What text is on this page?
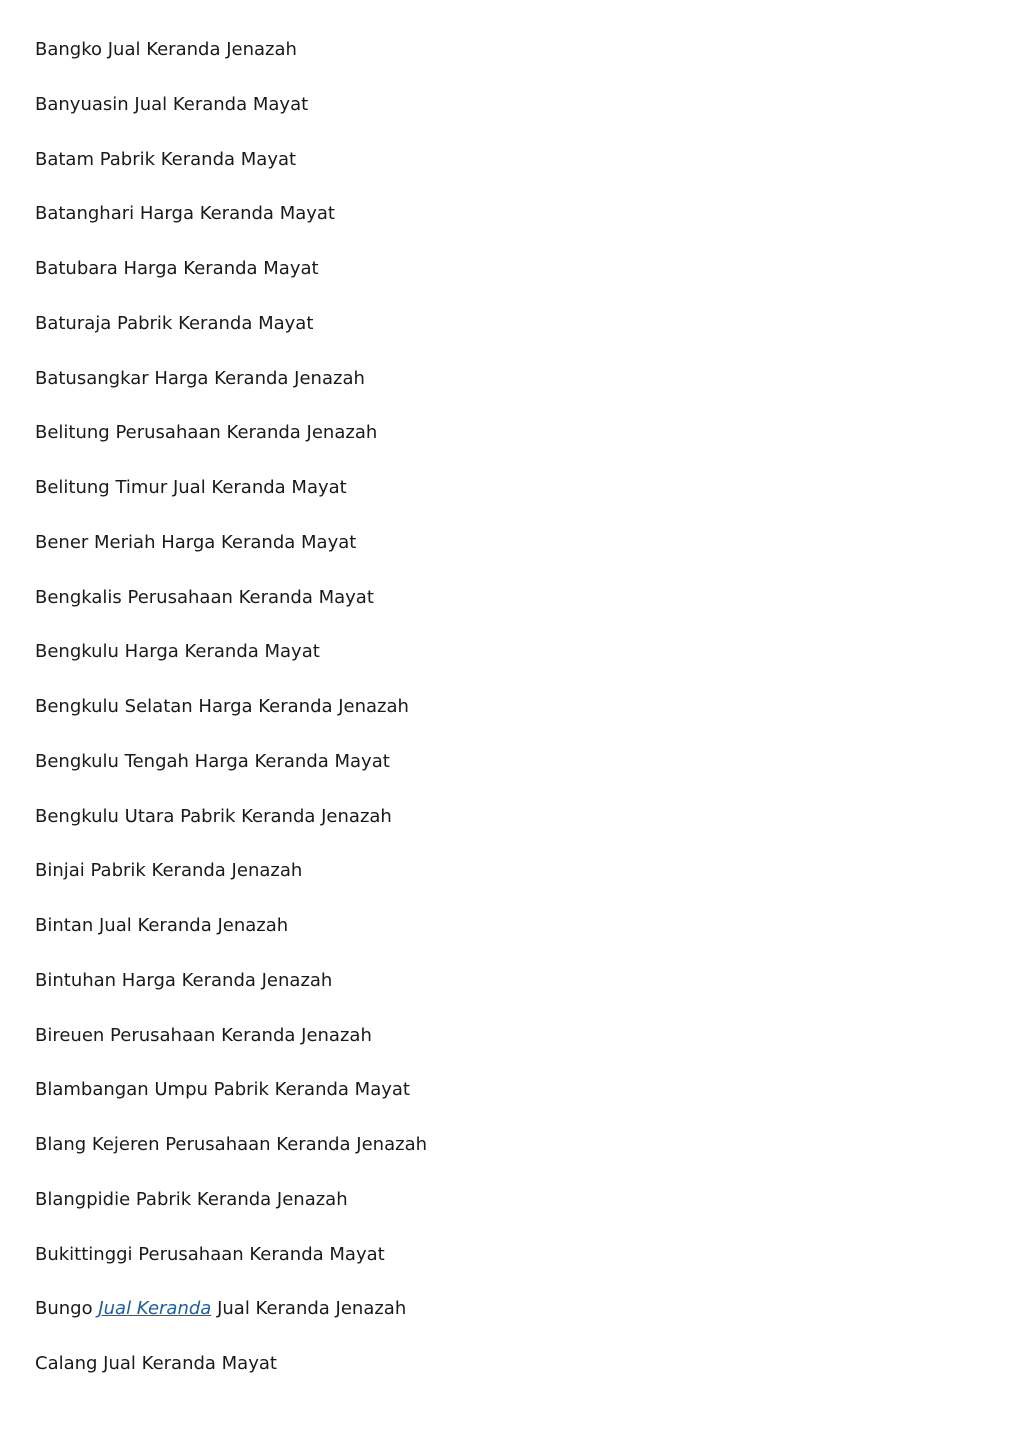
Bangko Jual Keranda Jenazah
Banyuasin Jual Keranda Mayat
Batam Pabrik Keranda Mayat
Batanghari Harga Keranda Mayat
Batubara Harga Keranda Mayat
Baturaja Pabrik Keranda Mayat
Batusangkar Harga Keranda Jenazah
Belitung Perusahaan Keranda Jenazah
Belitung Timur Jual Keranda Mayat
Bener Meriah Harga Keranda Mayat
Bengkalis Perusahaan Keranda Mayat
Bengkulu Harga Keranda Mayat
Bengkulu Selatan Harga Keranda Jenazah
Bengkulu Tengah Harga Keranda Mayat
Bengkulu Utara Pabrik Keranda Jenazah
Binjai Pabrik Keranda Jenazah
Bintan Jual Keranda Jenazah
Bintuhan Harga Keranda Jenazah
Bireuen Perusahaan Keranda Jenazah
Blambangan Umpu Pabrik Keranda Mayat
Blang Kejeren Perusahaan Keranda Jenazah
Blangpidie Pabrik Keranda Jenazah
Bukittinggi Perusahaan Keranda Mayat
Bungo Jual Keranda Jual Keranda Jenazah
Calang Jual Keranda Mayat
